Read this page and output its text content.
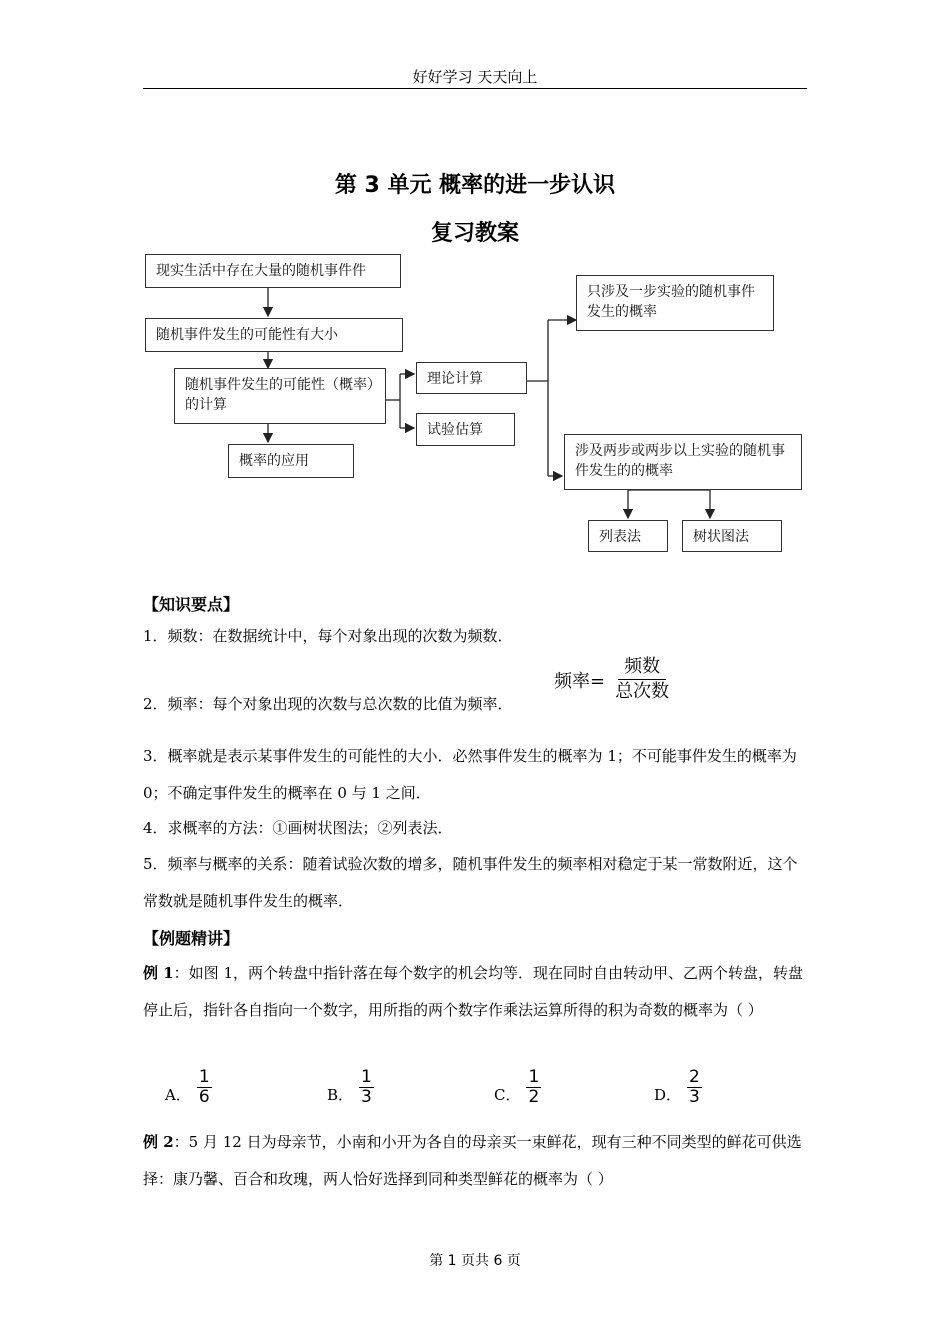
好好学习 天天向上
第 3 单元 概率的进一步认识
复习教案
现实生活中存在大量的随机事件件
随机事件发生的可能性有大小
随机事件发生的可能性（概率）的计算
概率的应用
理论计算
试验估算
只涉及一步实验的随机事件发生的概率
涉及两步或两步以上实验的随机事件发生的的概率
列表法	树状图法
【知识要点】
1．频数：在数据统计中，每个对象出现的次数为频数．
频率= $\frac{\text{频数}}{\text{总次数}}$
2．频率：每个对象出现的次数与总次数的比值为频率．
3．概率就是表示某事件发生的可能性的大小．必然事件发生的概率为 1；不可能事件发生的概率为 0；不确定事件发生的概率在 0 与 1 之间．
4．求概率的方法：①画树状图法；②列表法．
5．频率与概率的关系：随着试验次数的增多，随机事件发生的频率相对稳定于某一常数附近，这个常数就是随机事件发生的概率．
【例题精讲】
例 1：如图 1，两个转盘中指针落在每个数字的机会均等．现在同时自由转动甲、乙两个转盘，转盘停止后，指针各自指向一个数字，用所指的两个数字作乘法运算所得的积为奇数的概率为（ ）
A． $\frac{1}{6}$	B． $\frac{1}{3}$	C． $\frac{1}{2}$	D． $\frac{2}{3}$
例 2：5 月 12 日为母亲节，小南和小开为各自的母亲买一束鲜花，现有三种不同类型的鲜花可供选择：康乃馨、百合和玫瑰，两人恰好选择到同种类型鲜花的概率为（ ）
第 1 页共 6 页
